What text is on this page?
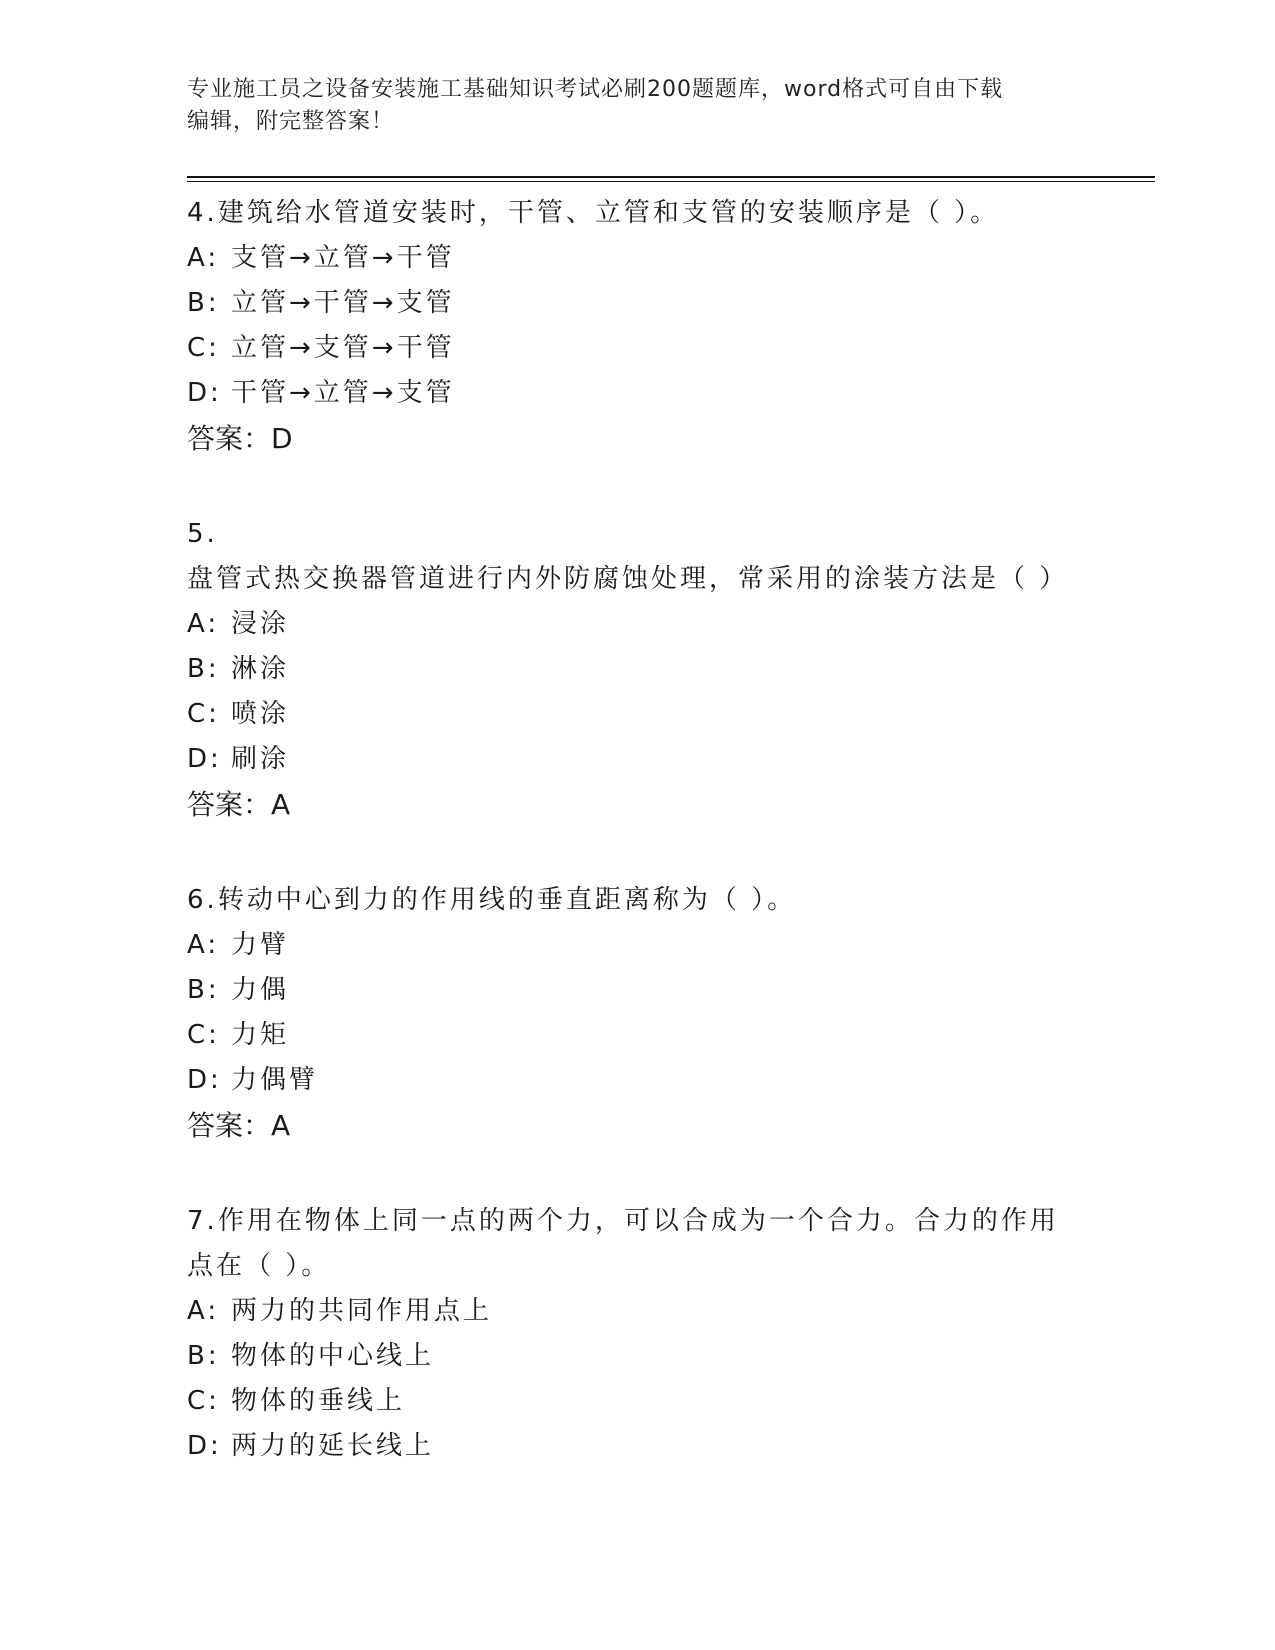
专业施工员之设备安装施工基础知识考试必刷200题题库，word格式可自由下载
编辑，附完整答案！

4.建筑给水管道安装时，干管、立管和支管的安装顺序是（ ）。

A: 支管→立管→干管

B: 立管→干管→支管

C: 立管→支管→干管

D: 干管→立管→支管

答案：D

5.盘管式热交换器管道进行内外防腐蚀处理，常采用的涂装方法是（ ）

A: 浸涂

B: 淋涂

C: 喷涂

D: 刷涂

答案：A

6.转动中心到力的作用线的垂直距离称为（ ）。

A: 力臂

B: 力偶

C: 力矩

D: 力偶臂

答案：A

7.作用在物体上同一点的两个力，可以合成为一个合力。合力的作用点在（ ）。

A: 两力的共同作用点上

B: 物体的中心线上

C: 物体的垂线上

D: 两力的延长线上
